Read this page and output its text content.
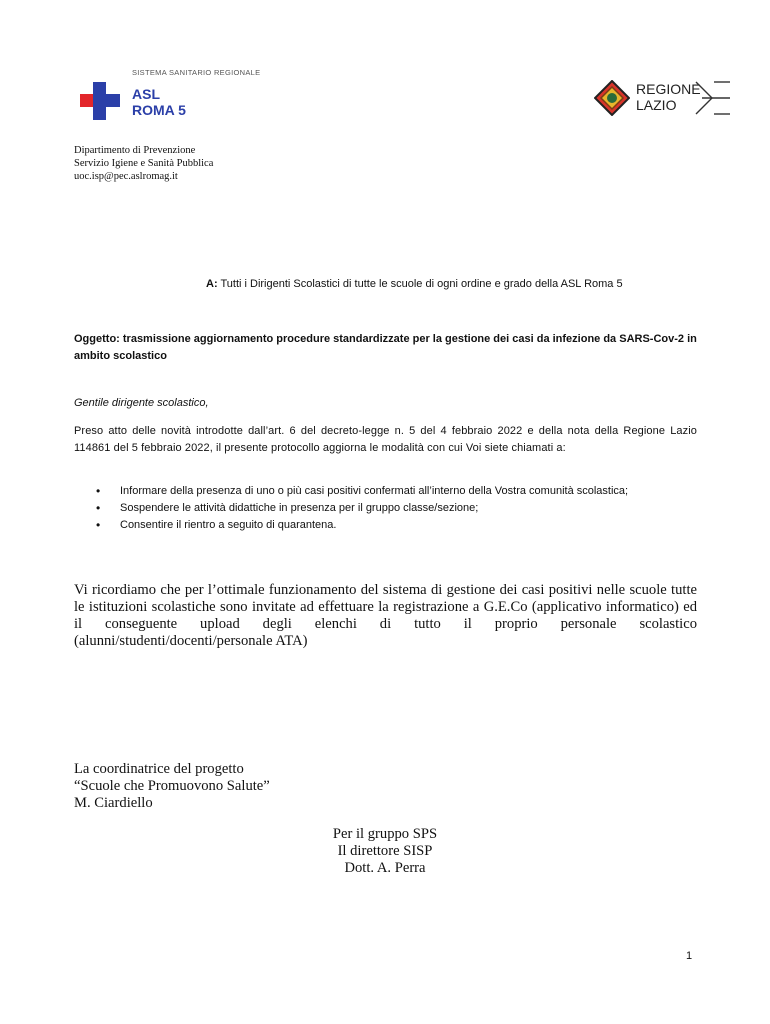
SISTEMA SANITARIO REGIONALE
ASL
ROMA 5
REGIONE
LAZIO
Dipartimento di Prevenzione
Servizio Igiene e Sanità Pubblica
uoc.isp@pec.aslromag.it
A: Tutti i Dirigenti Scolastici di tutte le scuole di ogni ordine e grado della ASL Roma 5
Oggetto: trasmissione aggiornamento procedure standardizzate per la gestione dei casi da infezione da SARS-Cov-2 in ambito scolastico
Gentile dirigente scolastico,
Preso atto delle novità introdotte dall’art. 6 del decreto-legge n. 5 del 4 febbraio 2022 e della nota della Regione Lazio 114861 del 5 febbraio 2022, il presente protocollo aggiorna le modalità con cui Voi siete chiamati a:
• Informare della presenza di uno o più casi positivi confermati all’interno della Vostra comunità scolastica;
• Sospendere le attività didattiche in presenza per il gruppo classe/sezione;
• Consentire il rientro a seguito di quarantena.
Vi ricordiamo che per l’ottimale funzionamento del sistema di gestione dei casi positivi nelle scuole tutte le istituzioni scolastiche sono invitate ad effettuare la registrazione a G.E.Co (applicativo informatico) ed il conseguente upload degli elenchi di tutto il proprio personale scolastico (alunni/studenti/docenti/personale ATA)
La coordinatrice del progetto
“Scuole che Promuovono Salute”
M. Ciardiello
Per il gruppo SPS
Il direttore SISP
Dott. A. Perra
1
